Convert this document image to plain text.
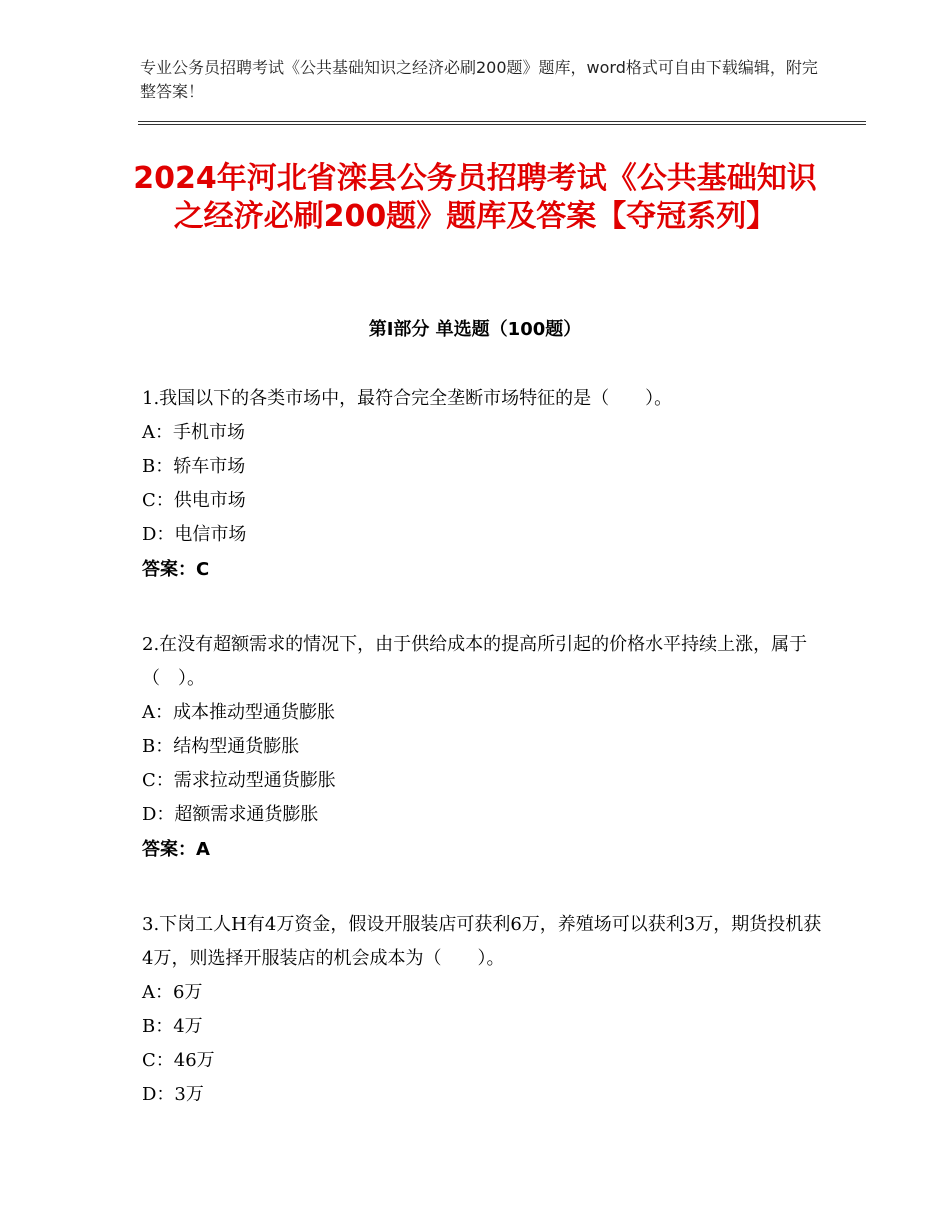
专业公务员招聘考试《公共基础知识之经济必刷200题》题库，word格式可自由下载编辑，附完整答案！
2024年河北省滦县公务员招聘考试《公共基础知识之经济必刷200题》题库及答案【夺冠系列】
第I部分 单选题（100题）

1.我国以下的各类市场中，最符合完全垄断市场特征的是（　　）。

A：手机市场
B：轿车市场
C：供电市场
D：电信市场
答案：C

2.在没有超额需求的情况下，由于供给成本的提高所引起的价格水平持续上涨，属于（　）。

A：成本推动型通货膨胀
B：结构型通货膨胀
C：需求拉动型通货膨胀
D：超额需求通货膨胀
答案：A

3.下岗工人H有4万资金，假设开服装店可获利6万，养殖场可以获利3万，期货投机获4万，则选择开服装店的机会成本为（　　）。

A：6万
B：4万
C：46万
D：3万
